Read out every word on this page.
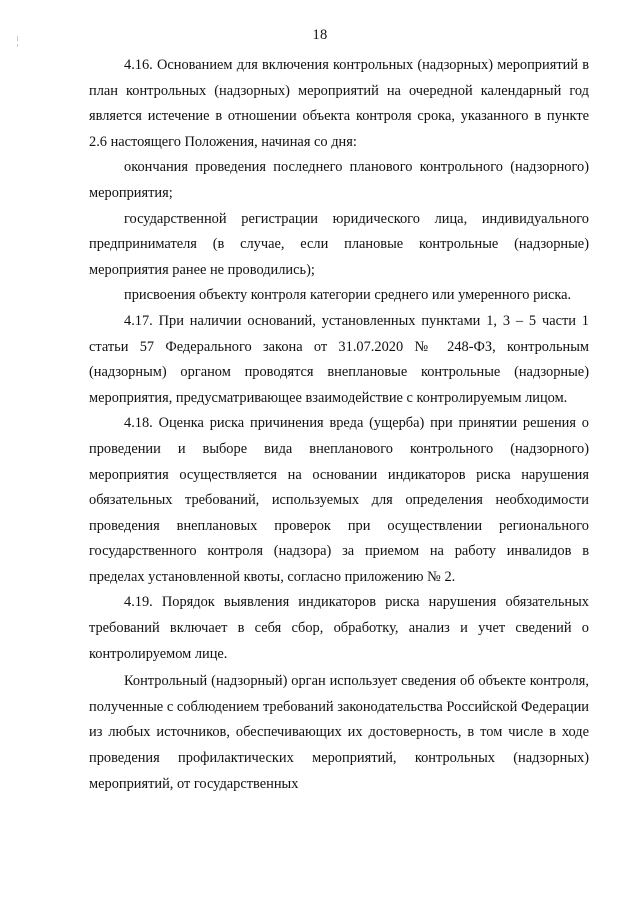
18

4.16. Основанием для включения контрольных (надзорных) мероприятий в план контрольных (надзорных) мероприятий на очередной календарный год является истечение в отношении объекта контроля срока, указанного в пункте 2.6 настоящего Положения, начиная со дня:

окончания проведения последнего планового контрольного (надзорного) мероприятия;

государственной регистрации юридического лица, индивидуального предпринимателя (в случае, если плановые контрольные (надзорные) мероприятия ранее не проводились);

присвоения объекту контроля категории среднего или умеренного риска.

4.17. При наличии оснований, установленных пунктами 1, 3 – 5 части 1 статьи 57 Федерального закона от 31.07.2020 № 248-ФЗ, контрольным (надзорным) органом проводятся внеплановые контрольные (надзорные) мероприятия, предусматривающее взаимодействие с контролируемым лицом.

4.18. Оценка риска причинения вреда (ущерба) при принятии решения о проведении и выборе вида внепланового контрольного (надзорного) мероприятия осуществляется на основании индикаторов риска нарушения обязательных требований, используемых для определения необходимости проведения внеплановых проверок при осуществлении регионального государственного контроля (надзора) за приемом на работу инвалидов в пределах установленной квоты, согласно приложению № 2.

4.19. Порядок выявления индикаторов риска нарушения обязательных требований включает в себя сбор, обработку, анализ и учет сведений о контролируемом лице.

Контрольный (надзорный) орган использует сведения об объекте контроля, полученные с соблюдением требований законодательства Российской Федерации из любых источников, обеспечивающих их достоверность, в том числе в ходе проведения профилактических мероприятий, контрольных (надзорных) мероприятий, от государственных
